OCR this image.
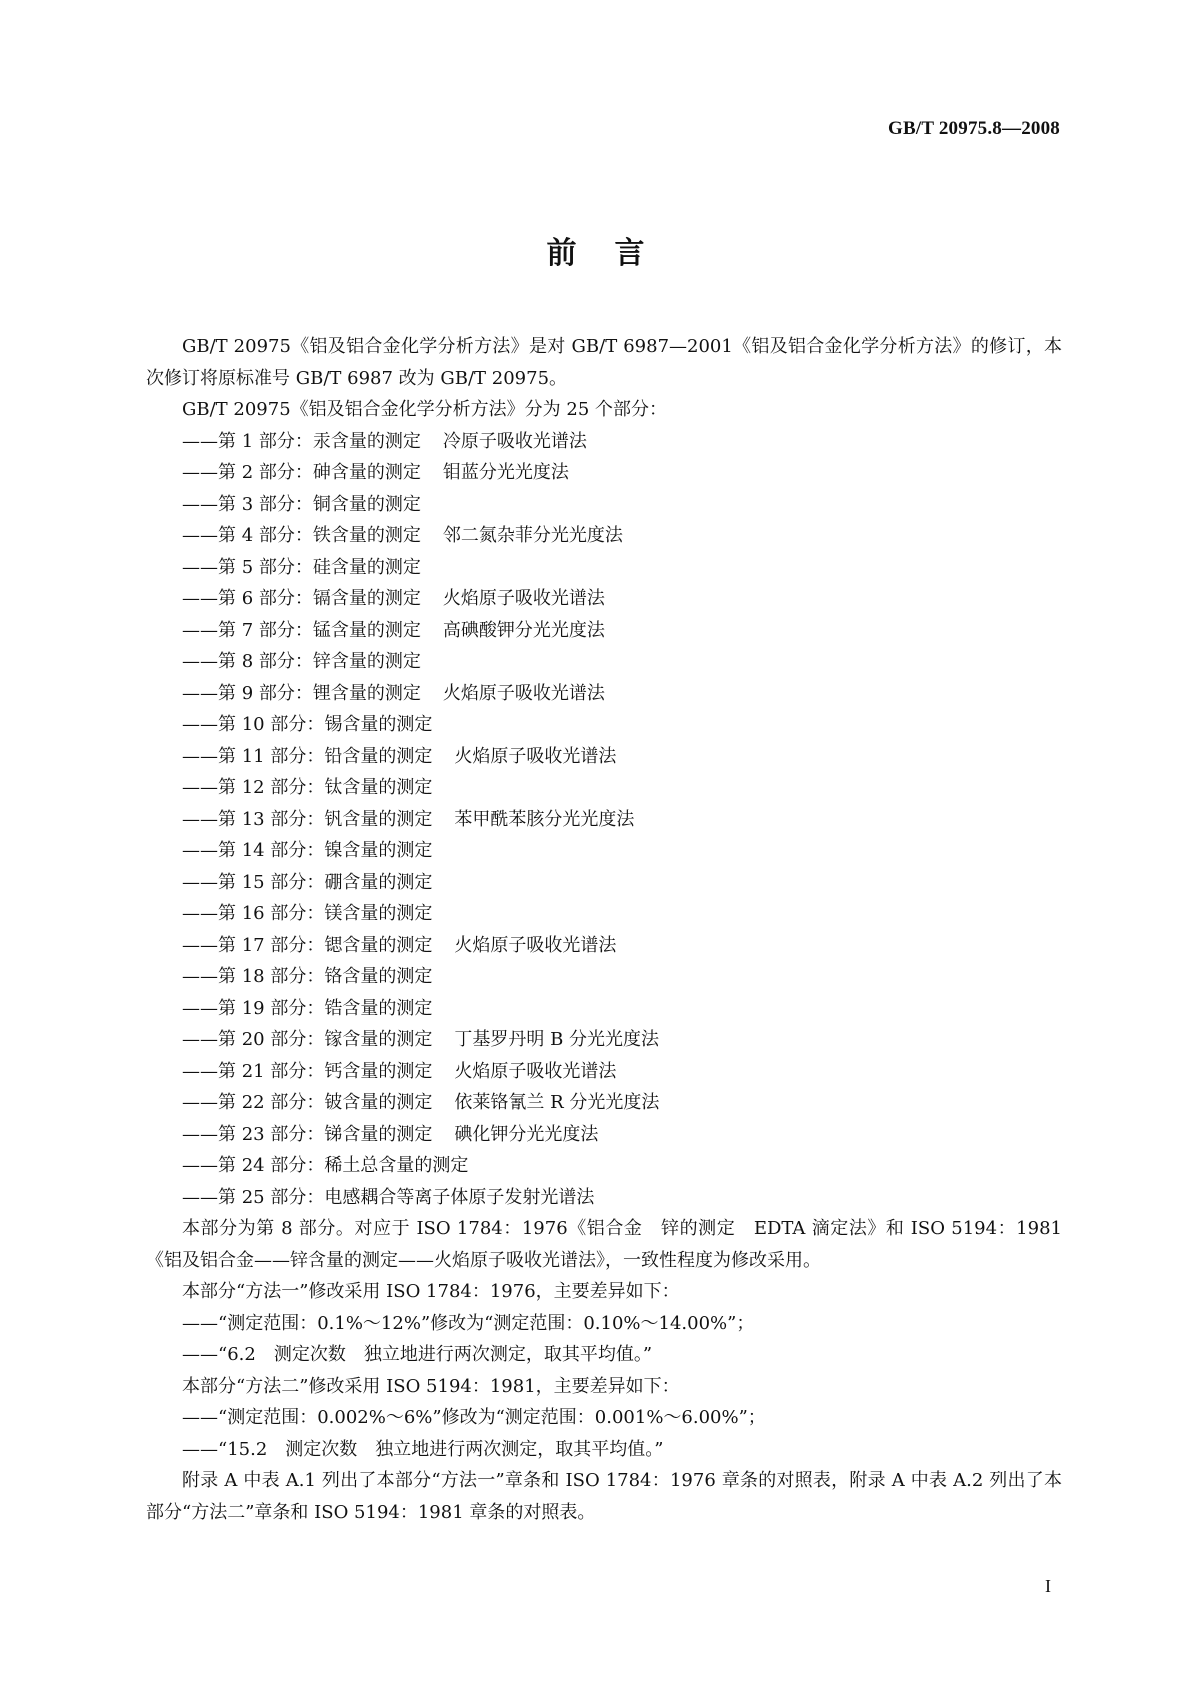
GB/T 20975.8—2008
前言

GB/T 20975《铝及铝合金化学分析方法》是对 GB/T 6987—2001《铝及铝合金化学分析方法》的修订，本次修订将原标准号 GB/T 6987 改为 GB/T 20975。

GB/T 20975《铝及铝合金化学分析方法》分为 25 个部分：

——第 1 部分：汞含量的测定 冷原子吸收光谱法

——第 2 部分：砷含量的测定 钼蓝分光光度法

——第 3 部分：铜含量的测定

——第 4 部分：铁含量的测定 邻二氮杂菲分光光度法

——第 5 部分：硅含量的测定

——第 6 部分：镉含量的测定 火焰原子吸收光谱法

——第 7 部分：锰含量的测定 高碘酸钾分光光度法

——第 8 部分：锌含量的测定

——第 9 部分：锂含量的测定 火焰原子吸收光谱法

——第 10 部分：锡含量的测定

——第 11 部分：铅含量的测定 火焰原子吸收光谱法

——第 12 部分：钛含量的测定

——第 13 部分：钒含量的测定 苯甲酰苯胲分光光度法

——第 14 部分：镍含量的测定

——第 15 部分：硼含量的测定

——第 16 部分：镁含量的测定

——第 17 部分：锶含量的测定 火焰原子吸收光谱法

——第 18 部分：铬含量的测定

——第 19 部分：锆含量的测定

——第 20 部分：镓含量的测定 丁基罗丹明 B 分光光度法

——第 21 部分：钙含量的测定 火焰原子吸收光谱法

——第 22 部分：铍含量的测定 依莱铬氰兰 R 分光光度法

——第 23 部分：锑含量的测定 碘化钾分光光度法

——第 24 部分：稀土总含量的测定

——第 25 部分：电感耦合等离子体原子发射光谱法

本部分为第 8 部分。对应于 ISO 1784：1976《铝合金　锌的测定　EDTA 滴定法》和 ISO 5194：1981《铝及铝合金——锌含量的测定——火焰原子吸收光谱法》，一致性程度为修改采用。

本部分“方法一”修改采用 ISO 1784：1976，主要差异如下：

——“测定范围：0.1%～12%”修改为“测定范围：0.10%～14.00%”；

——“6.2　测定次数　独立地进行两次测定，取其平均值。”

本部分“方法二”修改采用 ISO 5194：1981，主要差异如下：

——“测定范围：0.002%～6%”修改为“测定范围：0.001%～6.00%”；

——“15.2　测定次数　独立地进行两次测定，取其平均值。”

附录 A 中表 A.1 列出了本部分“方法一”章条和 ISO 1784：1976 章条的对照表，附录 A 中表 A.2 列出了本部分“方法二”章条和 ISO 5194：1981 章条的对照表。

I
